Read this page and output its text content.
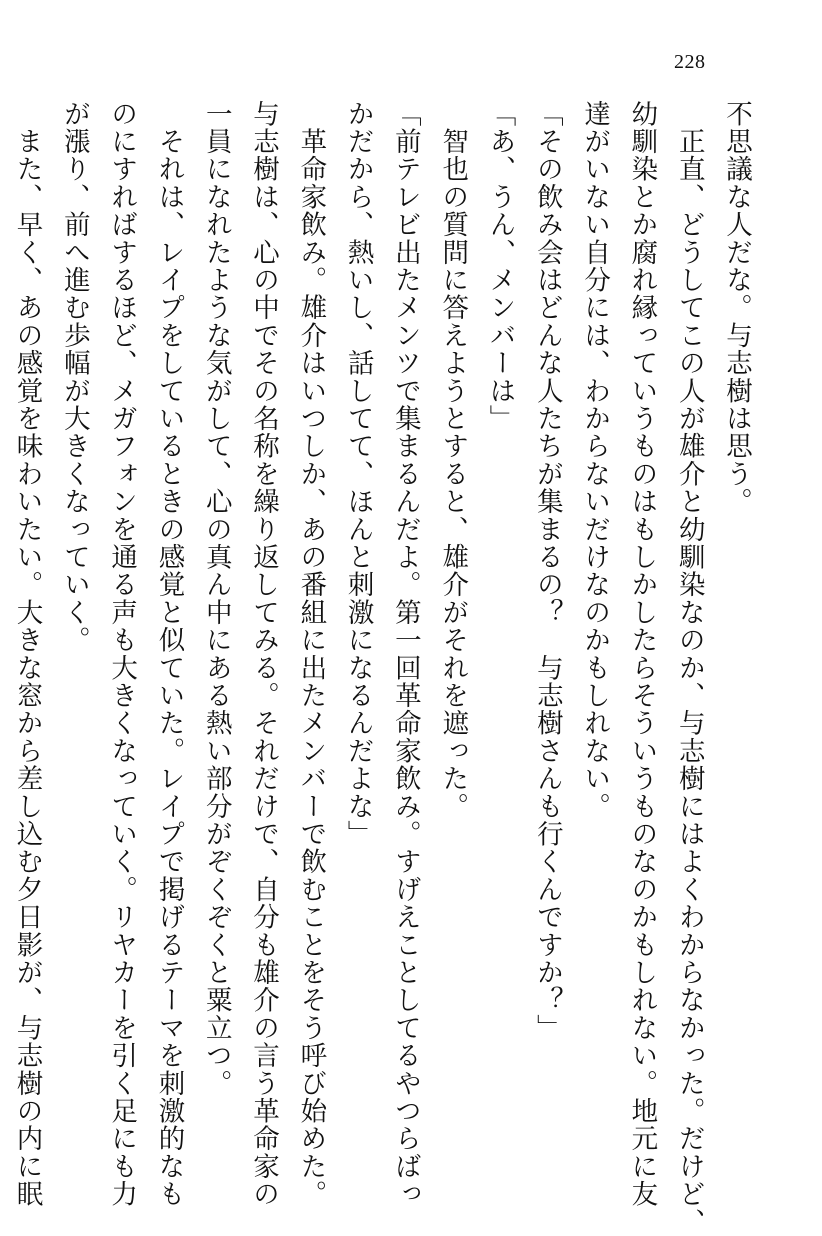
228
不思議な人だな。与志樹は思う。
　正直、どうしてこの人が雄介と幼馴染なのか、与志樹にはよくわからなかった。だけど、
幼馴染とか腐れ縁っていうものはもしかしたらそういうものなのかもしれない。地元に友
達がいない自分には、わからないだけなのかもしれない。
「その飲み会はどんな人たちが集まるの？　与志樹さんも行くんですか？」
「あ、うん、メンバーは」
　智也の質問に答えようとすると、雄介がそれを遮った。
「前テレビ出たメンツで集まるんだよ。第一回革命家飲み。すげえことしてるやつらばっ
かだから、熱いし、話してて、ほんと刺激になるんだよな」
　革命家飲み。雄介はいつしか、あの番組に出たメンバーで飲むことをそう呼び始めた。
与志樹は、心の中でその名称を繰り返してみる。それだけで、自分も雄介の言う革命家の
一員になれたような気がして、心の真ん中にある熱い部分がぞくぞくと粟立つ。
　それは、レイプをしているときの感覚と似ていた。レイプで掲げるテーマを刺激的なも
のにすればするほど、メガフォンを通る声も大きくなっていく。リヤカーを引く足にも力
が漲り、前へ進む歩幅が大きくなっていく。
　また、早く、あの感覚を味わいたい。大きな窓から差し込む夕日影が、与志樹の内に眠
